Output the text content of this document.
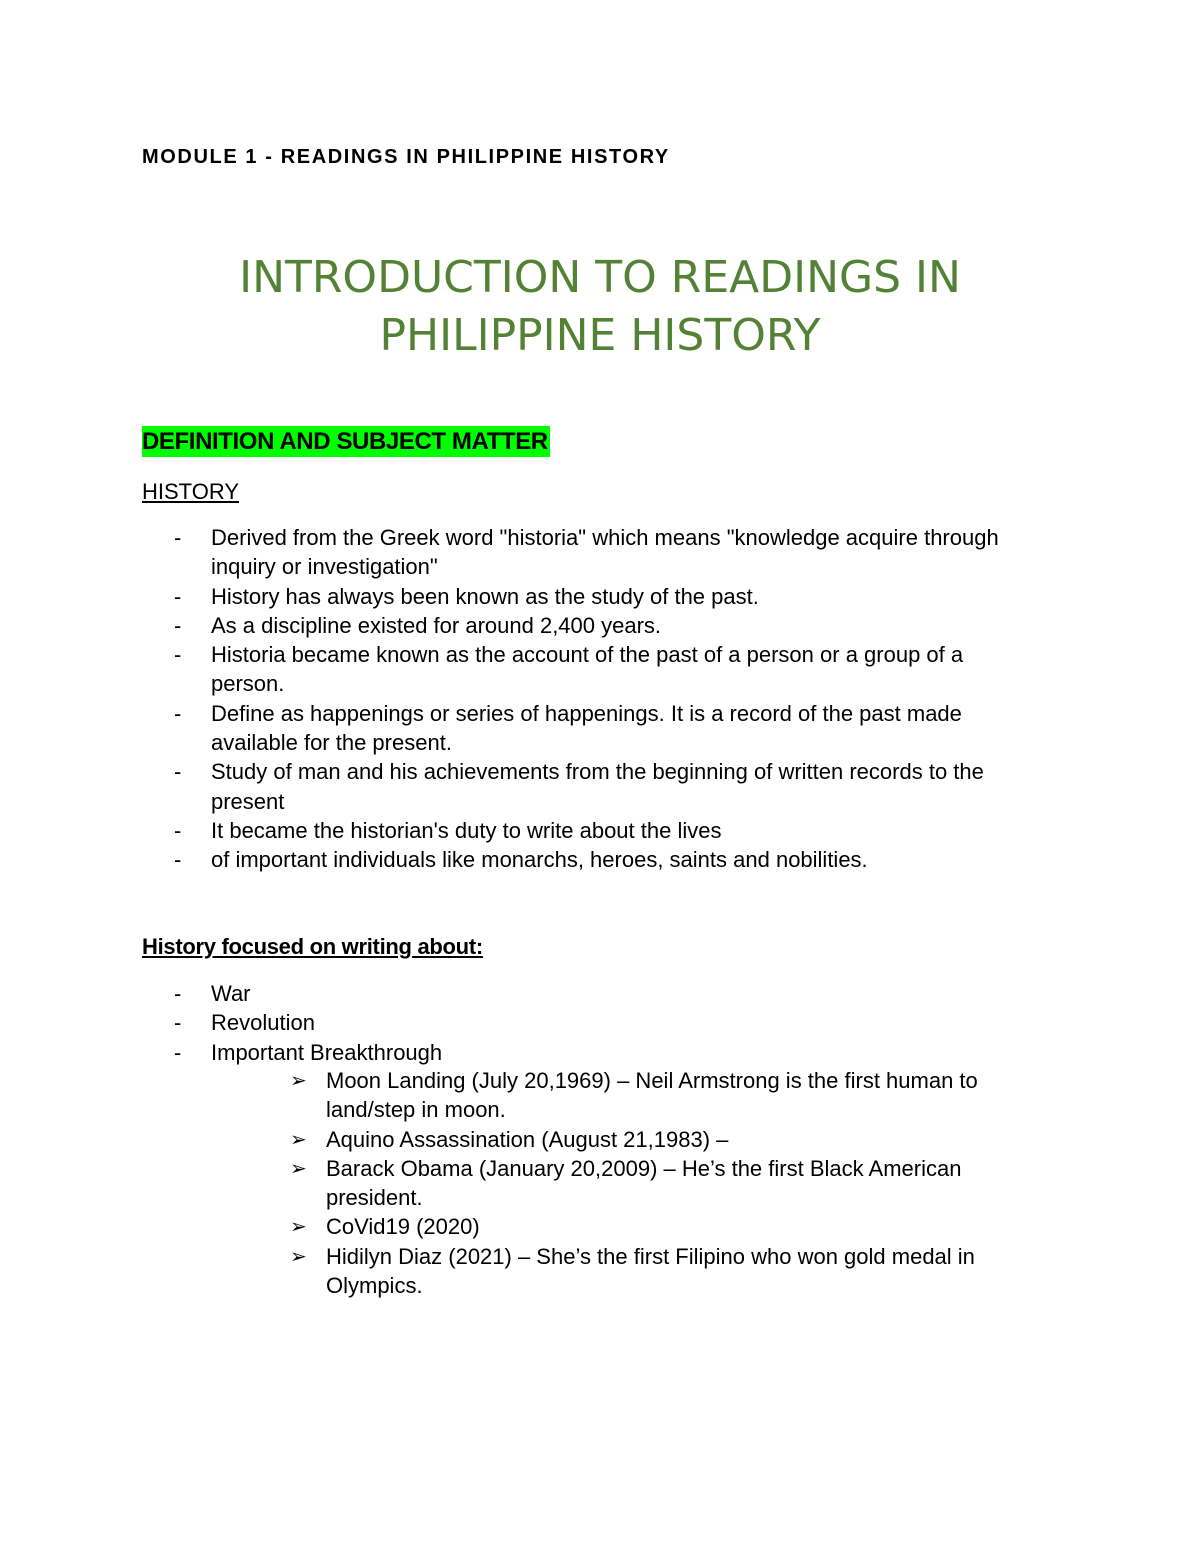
MODULE 1 - READINGS IN PHILIPPINE HISTORY
INTRODUCTION TO READINGS IN
PHILIPPINE HISTORY
DEFINITION AND SUBJECT MATTER
HISTORY
- Derived from the Greek word "historia" which means "knowledge acquire through
inquiry or investigation"
- History has always been known as the study of the past.
- As a discipline existed for around 2,400 years.
- Historia became known as the account of the past of a person or a group of a
person.
- Define as happenings or series of happenings. It is a record of the past made
available for the present.
- Study of man and his achievements from the beginning of written records to the
present
- It became the historian's duty to write about the lives
- of important individuals like monarchs, heroes, saints and nobilities.
History focused on writing about:
- War
- Revolution
- Important Breakthrough
➢ Moon Landing (July 20,1969) – Neil Armstrong is the first human to
land/step in moon.
➢ Aquino Assassination (August 21,1983) –
➢ Barack Obama (January 20,2009) – He’s the first Black American
president.
➢ CoVid19 (2020)
➢ Hidilyn Diaz (2021) – She’s the first Filipino who won gold medal in
Olympics.
